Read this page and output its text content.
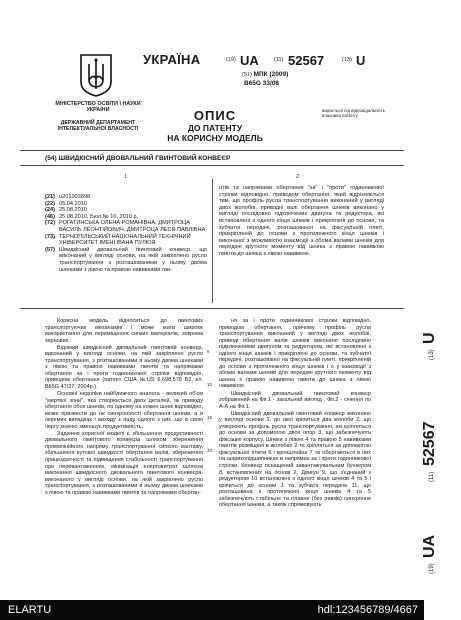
УКРАЇНА
МІНІСТЕРСТВО ОСВІТИ І НАУКИ УКРАЇНИ
ДЕРЖАВНИЙ ДЕПАРТАМЕНТ ІНТЕЛЕКТУАЛЬНОЇ ВЛАСНОСТІ
(19) UA	(11) 52567	(13) U
(51) МПК (2009)
B65G 33/08
ОПИС
ДО ПАТЕНТУ
НА КОРИСНУ МОДЕЛЬ
видається під відповідальність власника патенту
(54) ШВИДКІСНИЙ ДВОВАЛЬНИЙ ГВИНТОВИЙ КОНВЕЄР
1	2
(21) u201003898
(22) 05.04.2010
(24) 25.08.2010
(46) 25.08.2010, Бюл.№ 16, 2010 р.
(72) РОГАТИНСЬКА ОЛЕНА РОМАНІВНА, ДМИТРОЦА ВАСИЛЬ ЛЕОНТІЙОВИЧ, ДМИТРОЦА ЛЕСЯ ПАВЛІВНА
(73) ТЕРНОПІЛЬСЬКИЙ НАЦІОНАЛЬНИЙ ТЕХНІЧНИЙ УНІВЕРСИТЕТ ІМЕНІ ІВАНА ПУЛЮЯ
(57) Швидкісний двовальний гвинтовий конвеєр, що виконаний у вигляді основи, на якій закріплено русло транспортування з розташованими у ньому двома шнеками з лівою та правою навивками гви-
нтів та напрямами обертання "за" і "проти" годинникової стрілки відповідно, приводом обертання, який відрізняється тим, що профіль русла транспортування виконаний у вигляді двох жолобів, приводні валі обертання шнеків виконано у вигляді послідовно підключених двигуна та редуктора, які встановлені з одного кінця шнеків і прикріплені до основи, та зубчатої передачі, розташованої на фіксуальній плиті, прикріпленій до основи з протилежного кінця шнеків і виконаної з можливістю взаємодії з обома валами шнеків для передачі крутного моменту від шнека з правою навивкою гвинта до шнека з лівою навивкою.

Корисна модель відноситься до гвинтових транспортуючих механізмів і може мати широке використання для переміщення сипких матеріалів, зокрема зернових.

Відомий швидкісний двовальний гвинтовий конвеєр, виконаний у вигляді основи, на якій закріплено русло транспортування, з розташованими в ньому двома шнеками з лівою та правою навивками гвинтів та напрямами обертання за і проти годинникової стрілки відповідно, приводом обертання (патент США №US 6,698,578 В2, кл. В65G 47/37, 2004р.).

Основні недоліки найближчого аналога - великий об'єм "мертвої зони", яка створюється двох деталей, як приводу обертання обох шнеків, по одному на кожен шнек відповідно, може призвести до не синхронності обертання шнеків, а в окремих випадках і виходу з ладу одного з них, що в свою чергу значно зменшує продуктивність.

Задачею корисної моделі є збільшення продуктивності двовального гвинтового конвеєра шляхом збереження прямолінійного напряму транспортування сипкого вантажу, збільшення кутової швидкості обертання валів, збереження працездатності та підвищення стабільності транспортування при перевантаженнях, мінімізація енерговитрат шляхом виконання швидкісного двовального гвинтового конвеєра, виконаного у вигляді основи, на якій закріплено русло транспортування, з розташованими в ньому двома шнеками з лівою та правою навивками гвинтів та напрямами обертан-

5
10
15
20

ня за і проти годинникової стрілки відповідно, приводом обертання, причому профіль русла транспортування виконаний у вигляді двох жолобів, приводі обертання валів шнеків виконано послідовно підключеними двигуном та редуктором, які встановлені з одного кінця шнеків і прикріплені до основи, та зубчатої передачі, розташованої на фіксуальній плиті, прикріпленій до основи з протилежного кінця шнеків і є у взаємодії з обома валами шнеків для передачі крутного моменту від шнека з правою навивкою гвинта до шнека з лівою навивкою.

Швидкісний двовальний гвинтовий конвеєр зображений на Фіг.1 - загальний вигляд , Фіг.2 - січення по А-А на Фіг.1.

Швидкісний двовальний гвинтовий конвеєр виконано у вигляді основи 1, до якої кріпиться два жолоби 2, що утворюють профіль русла транспортування, які кріпляться до основи за допомогою двох опор 3, що забезпечують фіксацію корпусу. Шнеки з лівою 4 та правою 5 навивками гвинтів розміщені в жолобах 2 та кріпляться за допомогою фіксуальної плити 6 і кронштейна 7 та обертаються в них на шарикопідшипниках в напрямах за і проти годинникової стрілки. Конвеєр оснащений завантажувальним бункером 8, встановлених на основі 2. Двигун 9, що з'єднаний з редуктором 10 встановлені з одного кінця шнеків 4 та 5 і кріпиться до основи 1 та зубчата передача 11, що розташована з протилежної кінця шнеків 4 та 5 забезпечують стабільне та плавне (без ривків) синхронне обертання шнеків, а також спрямовують

(19)
UA
(11)
52567
(13)
U
ELARTU	hdl:123456789/4667
